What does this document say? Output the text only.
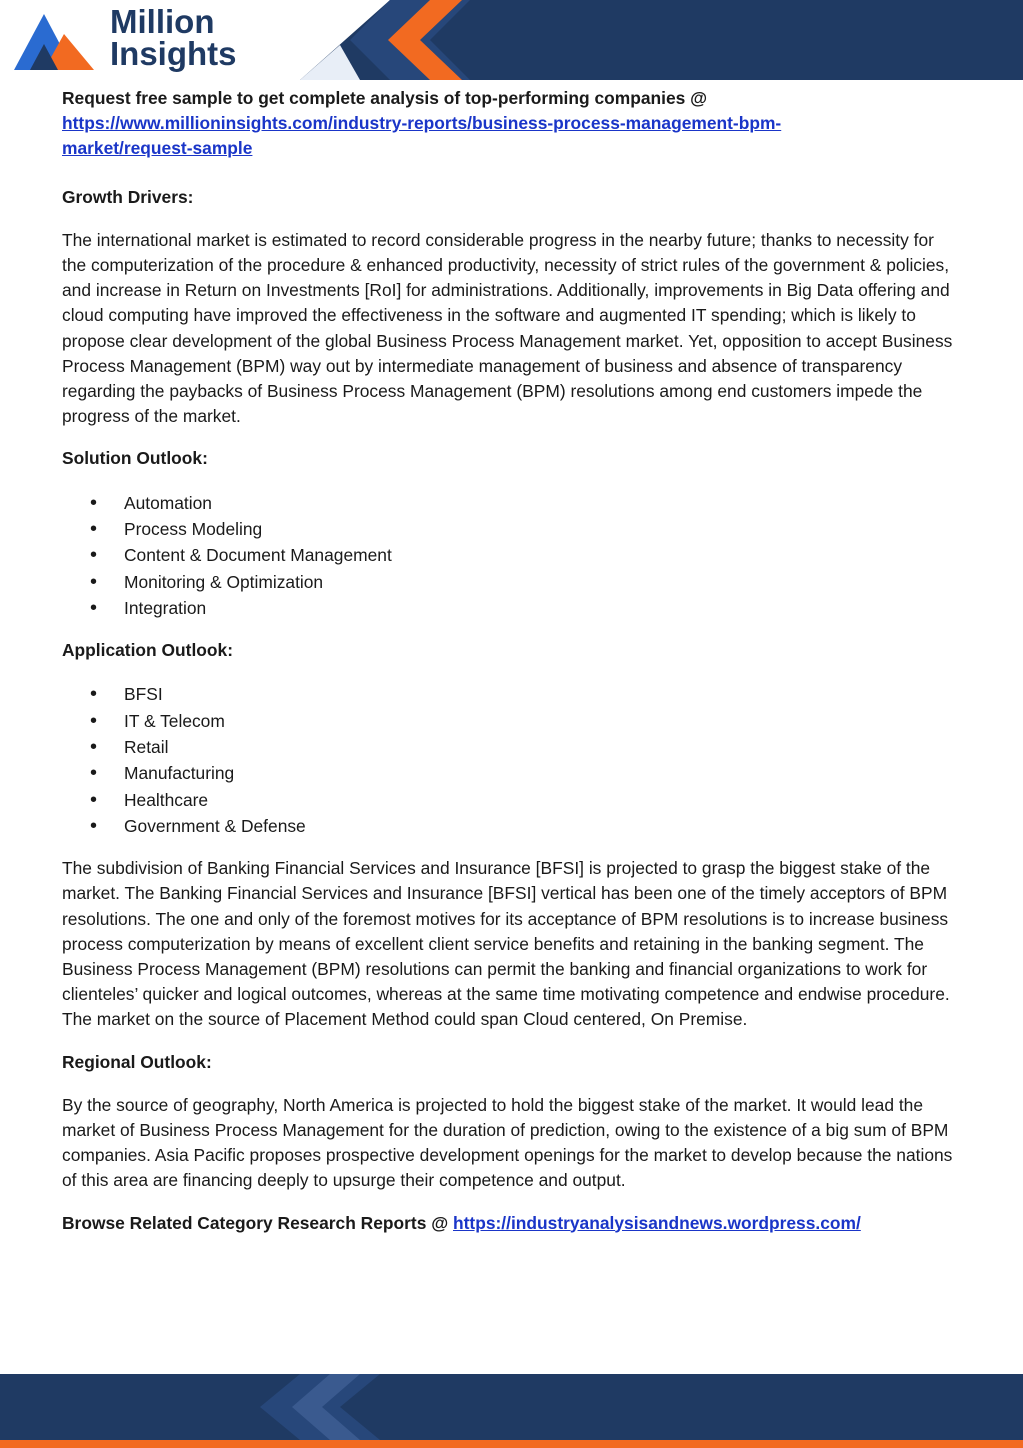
Million
Insights

Request free sample to get complete analysis of top-performing companies @
https://www.millioninsights.com/industry-reports/business-process-management-bpm-
market/request-sample

Growth Drivers:

The international market is estimated to record considerable progress in the nearby future; thanks to necessity for the computerization of the procedure & enhanced productivity, necessity of strict rules of the government & policies, and increase in Return on Investments [RoI] for administrations. Additionally, improvements in Big Data offering and cloud computing have improved the effectiveness in the software and augmented IT spending; which is likely to propose clear development of the global Business Process Management market. Yet, opposition to accept Business Process Management (BPM) way out by intermediate management of business and absence of transparency regarding the paybacks of Business Process Management (BPM) resolutions among end customers impede the progress of the market.

Solution Outlook:
• Automation
• Process Modeling
• Content & Document Management
• Monitoring & Optimization
• Integration
Application Outlook:
• BFSI
• IT & Telecom
• Retail
• Manufacturing
• Healthcare
• Government & Defense

The subdivision of Banking Financial Services and Insurance [BFSI] is projected to grasp the biggest stake of the market. The Banking Financial Services and Insurance [BFSI] vertical has been one of the timely acceptors of BPM resolutions. The one and only of the foremost motives for its acceptance of BPM resolutions is to increase business process computerization by means of excellent client service benefits and retaining in the banking segment. The Business Process Management (BPM) resolutions can permit the banking and financial organizations to work for clienteles’ quicker and logical outcomes, whereas at the same time motivating competence and endwise procedure. The market on the source of Placement Method could span Cloud centered, On Premise.

Regional Outlook:

By the source of geography, North America is projected to hold the biggest stake of the market. It would lead the market of Business Process Management for the duration of prediction, owing to the existence of a big sum of BPM companies. Asia Pacific proposes prospective development openings for the market to develop because the nations of this area are financing deeply to upsurge their competence and output.

Browse Related Category Research Reports @ https://industryanalysisandnews.wordpress.com/
